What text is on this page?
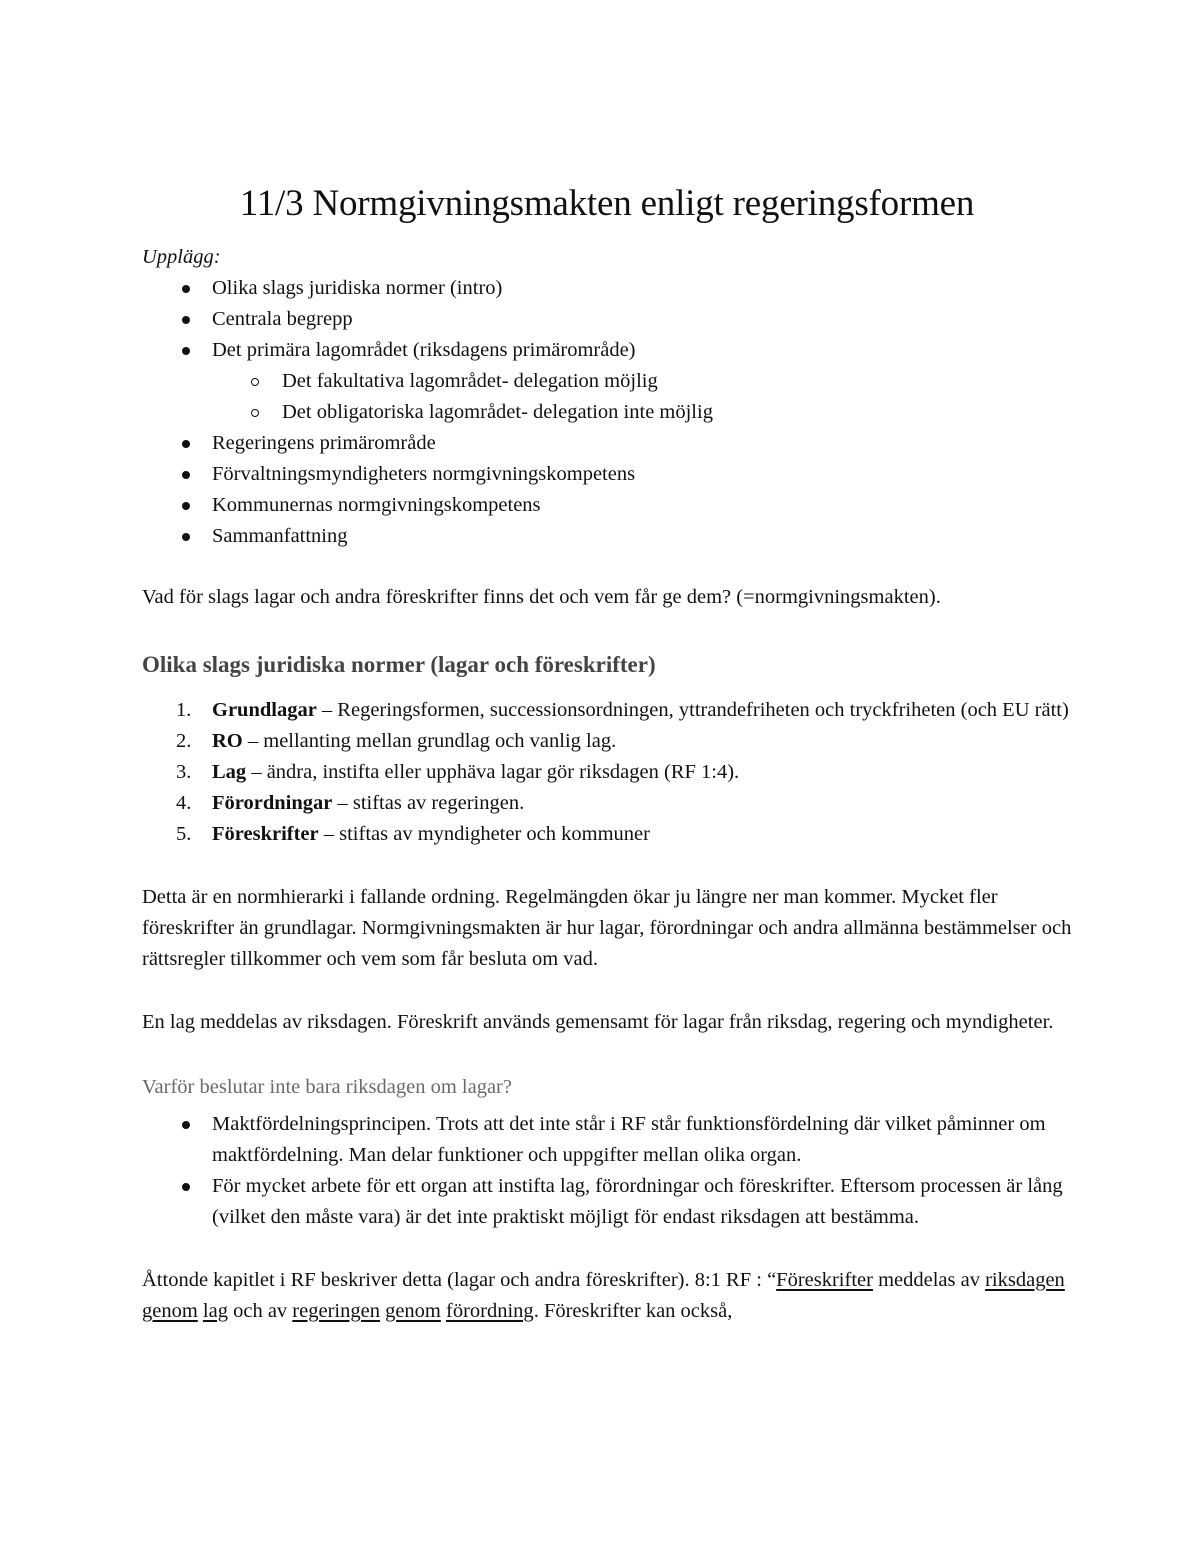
11/3 Normgivningsmakten enligt regeringsformen

Upplägg:

Olika slags juridiska normer (intro)
Centrala begrepp
Det primära lagområdet (riksdagens primärområde)
Det fakultativa lagområdet- delegation möjlig
Det obligatoriska lagområdet- delegation inte möjlig
Regeringens primärområde
Förvaltningsmyndigheters normgivningskompetens
Kommunernas normgivningskompetens
Sammanfattning

Vad för slags lagar och andra föreskrifter finns det och vem får ge dem? (=normgivningsmakten).

Olika slags juridiska normer (lagar och föreskrifter)
1. Grundlagar – Regeringsformen, successionsordningen, yttrandefriheten och tryckfriheten (och EU rätt)
2. RO – mellanting mellan grundlag och vanlig lag.
3. Lag – ändra, instifta eller upphäva lagar gör riksdagen (RF 1:4).
4. Förordningar – stiftas av regeringen.
5. Föreskrifter – stiftas av myndigheter och kommuner

Detta är en normhierarki i fallande ordning. Regelmängden ökar ju längre ner man kommer. Mycket fler föreskrifter än grundlagar. Normgivningsmakten är hur lagar, förordningar och andra allmänna bestämmelser och rättsregler tillkommer och vem som får besluta om vad.

En lag meddelas av riksdagen. Föreskrift används gemensamt för lagar från riksdag, regering och myndigheter.

Varför beslutar inte bara riksdagen om lagar?

Maktfördelningsprincipen. Trots att det inte står i RF står funktionsfördelning där vilket påminner om maktfördelning. Man delar funktioner och uppgifter mellan olika organ.
För mycket arbete för ett organ att instifta lag, förordningar och föreskrifter. Eftersom processen är lång (vilket den måste vara) är det inte praktiskt möjligt för endast riksdagen att bestämma.

Åttonde kapitlet i RF beskriver detta (lagar och andra föreskrifter). 8:1 RF : “Föreskrifter meddelas av riksdagen genom lag och av regeringen genom förordning. Föreskrifter kan också,
